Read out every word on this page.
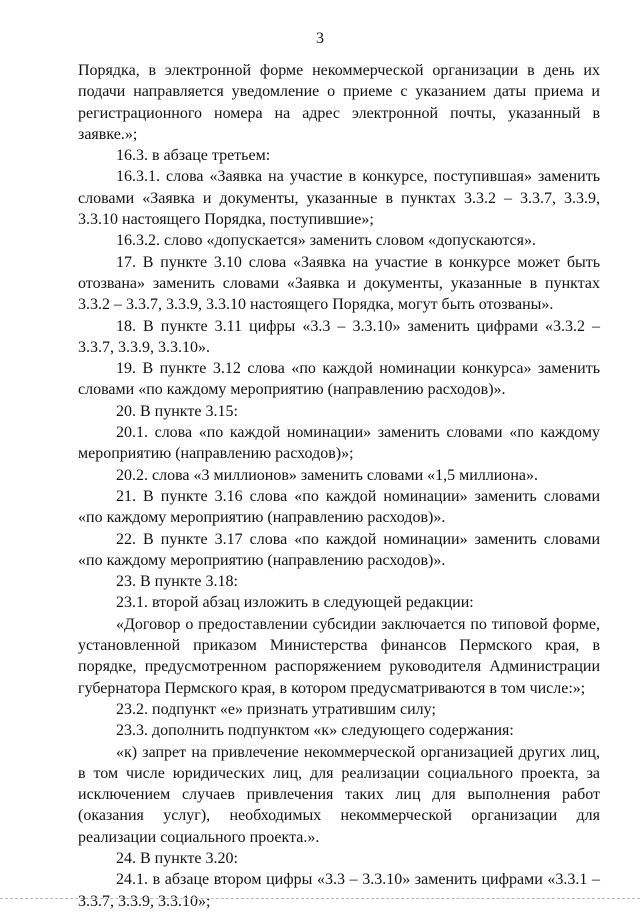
3

Порядка, в электронной форме некоммерческой организации в день их подачи направляется уведомление о приеме с указанием даты приема и регистрационного номера на адрес электронной почты, указанный в заявке.»;

16.3. в абзаце третьем:

16.3.1. слова «Заявка на участие в конкурсе, поступившая» заменить словами «Заявка и документы, указанные в пунктах 3.3.2 – 3.3.7, 3.3.9, 3.3.10 настоящего Порядка, поступившие»;

16.3.2. слово «допускается» заменить словом «допускаются».

17. В пункте 3.10 слова «Заявка на участие в конкурсе может быть отозвана» заменить словами «Заявка и документы, указанные в пунктах 3.3.2 – 3.3.7, 3.3.9, 3.3.10 настоящего Порядка, могут быть отозваны».

18. В пункте 3.11 цифры «3.3 – 3.3.10» заменить цифрами «3.3.2 – 3.3.7, 3.3.9, 3.3.10».

19. В пункте 3.12 слова «по каждой номинации конкурса» заменить словами «по каждому мероприятию (направлению расходов)».

20. В пункте 3.15:

20.1. слова «по каждой номинации» заменить словами «по каждому мероприятию (направлению расходов)»;

20.2. слова «3 миллионов» заменить словами «1,5 миллиона».

21. В пункте 3.16 слова «по каждой номинации» заменить словами «по каждому мероприятию (направлению расходов)».

22. В пункте 3.17 слова «по каждой номинации» заменить словами «по каждому мероприятию (направлению расходов)».

23. В пункте 3.18:

23.1. второй абзац изложить в следующей редакции:

«Договор о предоставлении субсидии заключается по типовой форме, установленной приказом Министерства финансов Пермского края, в порядке, предусмотренном распоряжением руководителя Администрации губернатора Пермского края, в котором предусматриваются в том числе:»;

23.2. подпункт «е» признать утратившим силу;

23.3. дополнить подпунктом «к» следующего содержания:

«к) запрет на привлечение некоммерческой организацией других лиц, в том числе юридических лиц, для реализации социального проекта, за исключением случаев привлечения таких лиц для выполнения работ (оказания услуг), необходимых некоммерческой организации для реализации социального проекта.».

24. В пункте 3.20:

24.1. в абзаце втором цифры «3.3 – 3.3.10» заменить цифрами «3.3.1 – 3.3.7, 3.3.9, 3.3.10»;
